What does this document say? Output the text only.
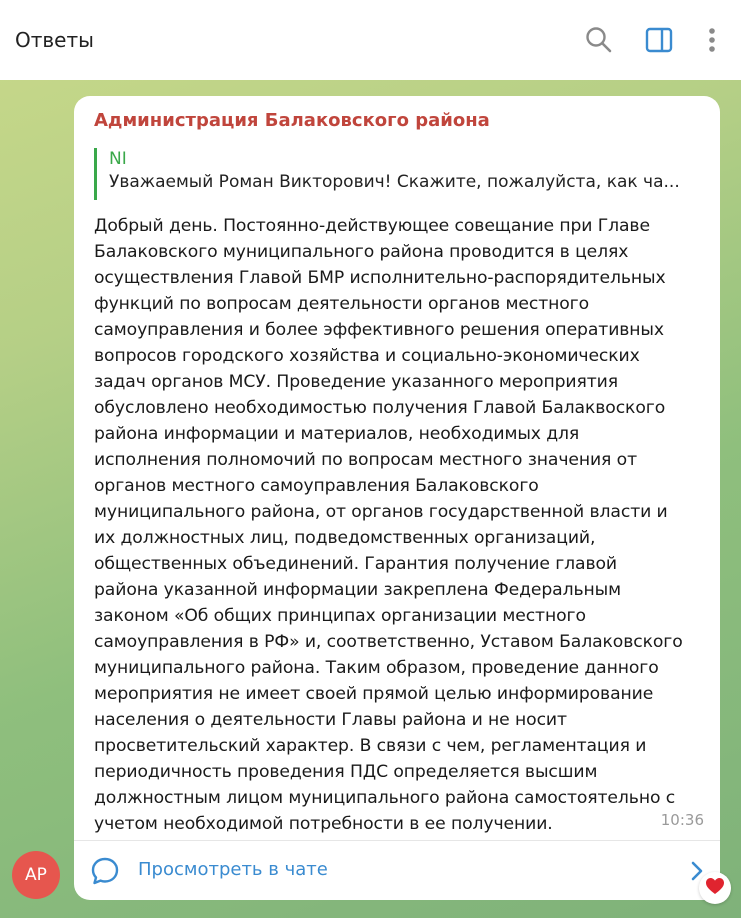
Ответы
Администрация Балаковского района
NI
Уважаемый Роман Викторович! Скажите, пожалуйста, как ча...
Добрый день. Постоянно-действующее совещание при Главе
Балаковского муниципального района проводится в целях
осуществления Главой БМР исполнительно-распорядительных
функций по вопросам деятельности органов местного
самоуправления и более эффективного решения оперативных
вопросов городского хозяйства и социально-экономических
задач органов МСУ. Проведение указанного мероприятия
обусловлено необходимостью получения Главой Балаквоского
района информации и материалов, необходимых для
исполнения полномочий по вопросам местного значения от
органов местного самоуправления Балаковского
муниципального района, от органов государственной власти и
их должностных лиц, подведомственных организаций,
общественных объединений. Гарантия получение главой
района указанной информации закреплена Федеральным
законом «Об общих принципах организации местного
самоуправления в РФ» и, соответственно, Уставом Балаковского
муниципального района. Таким образом, проведение данного
мероприятия не имеет своей прямой целью информирование
населения о деятельности Главы района и не носит
просветительский характер. В связи с чем, регламентация и
периодичность проведения ПДС определяется высшим
должностным лицом муниципального района самостоятельно с
учетом необходимой потребности в ее получении.	10:36
Просмотреть в чате
AP
